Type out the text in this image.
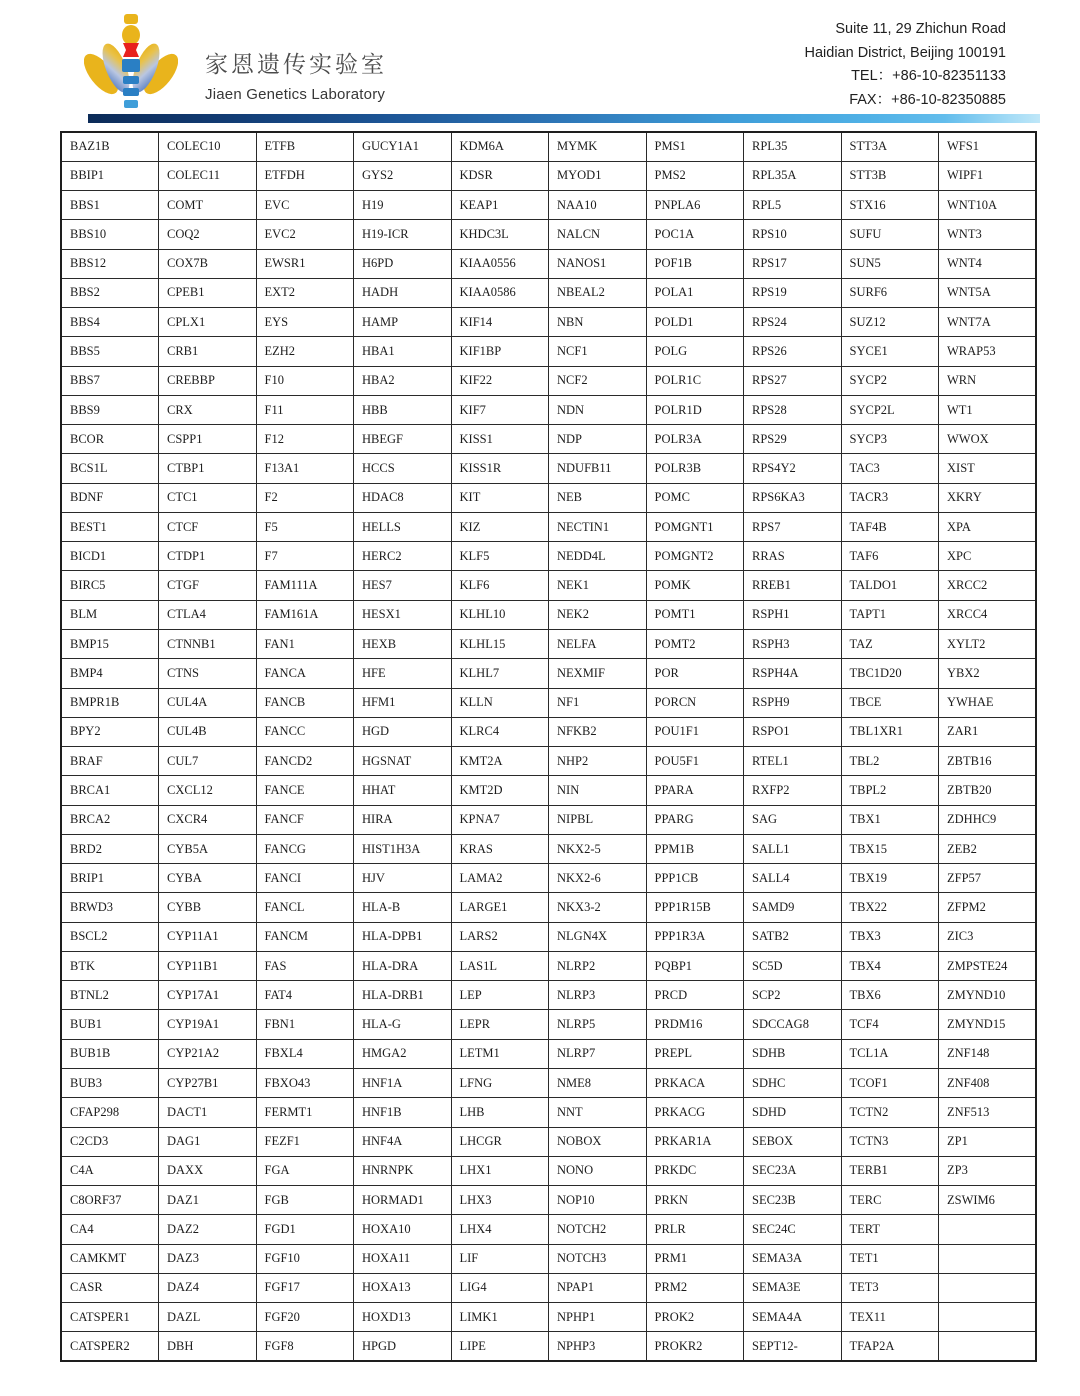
家恩遗传实验室
Jiaen Genetics Laboratory
Suite 11, 29 Zhichun Road
Haidian District, Beijing 100191
TEL：+86-10-82351133
FAX：+86-10-82350885
BAZ1B	COLEC10	ETFB	GUCY1A1	KDM6A	MYMK	PMS1	RPL35	STT3A	WFS1
BBIP1	COLEC11	ETFDH	GYS2	KDSR	MYOD1	PMS2	RPL35A	STT3B	WIPF1
BBS1	COMT	EVC	H19	KEAP1	NAA10	PNPLA6	RPL5	STX16	WNT10A
BBS10	COQ2	EVC2	H19-ICR	KHDC3L	NALCN	POC1A	RPS10	SUFU	WNT3
BBS12	COX7B	EWSR1	H6PD	KIAA0556	NANOS1	POF1B	RPS17	SUN5	WNT4
BBS2	CPEB1	EXT2	HADH	KIAA0586	NBEAL2	POLA1	RPS19	SURF6	WNT5A
BBS4	CPLX1	EYS	HAMP	KIF14	NBN	POLD1	RPS24	SUZ12	WNT7A
BBS5	CRB1	EZH2	HBA1	KIF1BP	NCF1	POLG	RPS26	SYCE1	WRAP53
BBS7	CREBBP	F10	HBA2	KIF22	NCF2	POLR1C	RPS27	SYCP2	WRN
BBS9	CRX	F11	HBB	KIF7	NDN	POLR1D	RPS28	SYCP2L	WT1
BCOR	CSPP1	F12	HBEGF	KISS1	NDP	POLR3A	RPS29	SYCP3	WWOX
BCS1L	CTBP1	F13A1	HCCS	KISS1R	NDUFB11	POLR3B	RPS4Y2	TAC3	XIST
BDNF	CTC1	F2	HDAC8	KIT	NEB	POMC	RPS6KA3	TACR3	XKRY
BEST1	CTCF	F5	HELLS	KIZ	NECTIN1	POMGNT1	RPS7	TAF4B	XPA
BICD1	CTDP1	F7	HERC2	KLF5	NEDD4L	POMGNT2	RRAS	TAF6	XPC
BIRC5	CTGF	FAM111A	HES7	KLF6	NEK1	POMK	RREB1	TALDO1	XRCC2
BLM	CTLA4	FAM161A	HESX1	KLHL10	NEK2	POMT1	RSPH1	TAPT1	XRCC4
BMP15	CTNNB1	FAN1	HEXB	KLHL15	NELFA	POMT2	RSPH3	TAZ	XYLT2
BMP4	CTNS	FANCA	HFE	KLHL7	NEXMIF	POR	RSPH4A	TBC1D20	YBX2
BMPR1B	CUL4A	FANCB	HFM1	KLLN	NF1	PORCN	RSPH9	TBCE	YWHAE
BPY2	CUL4B	FANCC	HGD	KLRC4	NFKB2	POU1F1	RSPO1	TBL1XR1	ZAR1
BRAF	CUL7	FANCD2	HGSNAT	KMT2A	NHP2	POU5F1	RTEL1	TBL2	ZBTB16
BRCA1	CXCL12	FANCE	HHAT	KMT2D	NIN	PPARA	RXFP2	TBPL2	ZBTB20
BRCA2	CXCR4	FANCF	HIRA	KPNA7	NIPBL	PPARG	SAG	TBX1	ZDHHC9
BRD2	CYB5A	FANCG	HIST1H3A	KRAS	NKX2-5	PPM1B	SALL1	TBX15	ZEB2
BRIP1	CYBA	FANCI	HJV	LAMA2	NKX2-6	PPP1CB	SALL4	TBX19	ZFP57
BRWD3	CYBB	FANCL	HLA-B	LARGE1	NKX3-2	PPP1R15B	SAMD9	TBX22	ZFPM2
BSCL2	CYP11A1	FANCM	HLA-DPB1	LARS2	NLGN4X	PPP1R3A	SATB2	TBX3	ZIC3
BTK	CYP11B1	FAS	HLA-DRA	LAS1L	NLRP2	PQBP1	SC5D	TBX4	ZMPSTE24
BTNL2	CYP17A1	FAT4	HLA-DRB1	LEP	NLRP3	PRCD	SCP2	TBX6	ZMYND10
BUB1	CYP19A1	FBN1	HLA-G	LEPR	NLRP5	PRDM16	SDCCAG8	TCF4	ZMYND15
BUB1B	CYP21A2	FBXL4	HMGA2	LETM1	NLRP7	PREPL	SDHB	TCL1A	ZNF148
BUB3	CYP27B1	FBXO43	HNF1A	LFNG	NME8	PRKACA	SDHC	TCOF1	ZNF408
CFAP298	DACT1	FERMT1	HNF1B	LHB	NNT	PRKACG	SDHD	TCTN2	ZNF513
C2CD3	DAG1	FEZF1	HNF4A	LHCGR	NOBOX	PRKAR1A	SEBOX	TCTN3	ZP1
C4A	DAXX	FGA	HNRNPK	LHX1	NONO	PRKDC	SEC23A	TERB1	ZP3
C8ORF37	DAZ1	FGB	HORMAD1	LHX3	NOP10	PRKN	SEC23B	TERC	ZSWIM6
CA4	DAZ2	FGD1	HOXA10	LHX4	NOTCH2	PRLR	SEC24C	TERT	
CAMKMT	DAZ3	FGF10	HOXA11	LIF	NOTCH3	PRM1	SEMA3A	TET1	
CASR	DAZ4	FGF17	HOXA13	LIG4	NPAP1	PRM2	SEMA3E	TET3	
CATSPER1	DAZL	FGF20	HOXD13	LIMK1	NPHP1	PROK2	SEMA4A	TEX11	
CATSPER2	DBH	FGF8	HPGD	LIPE	NPHP3	PROKR2	SEPT12-	TFAP2A	
